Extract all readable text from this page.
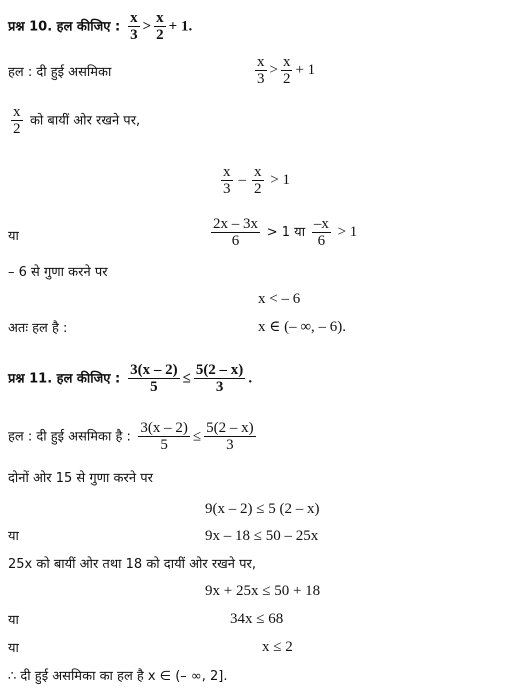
प्रश्न 10. हल कीजिए : $\frac{x}{3} > \frac{x}{2} + 1$.
हल : दी हुई असमिका	$\frac{x}{3} > \frac{x}{2} + 1$
$\frac{x}{2}$ को बायीं ओर रखने पर,
$\frac{x}{3} - \frac{x}{2} > 1$
या	$\frac{2x - 3x}{6} > 1$ या $\frac{-x}{6} > 1$
– 6 से गुणा करने पर
x < – 6
अतः हल है :	x ∈ (– ∞, – 6).
प्रश्न 11. हल कीजिए : $\frac{3(x - 2)}{5} \le \frac{5(2 - x)}{3}$ .
हल : दी हुई असमिका है : $\frac{3(x - 2)}{5} \le \frac{5(2 - x)}{3}$
दोनों ओर 15 से गुणा करने पर
9(x – 2) ≤ 5 (2 – x)
या	9x – 18 ≤ 50 – 25x
25x को बायीं ओर तथा 18 को दायीं ओर रखने पर,
9x + 25x ≤ 50 + 18
या	34x ≤ 68
या	x ≤ 2
∴ दी हुई असमिका का हल है x ∈ (– ∞, 2].
